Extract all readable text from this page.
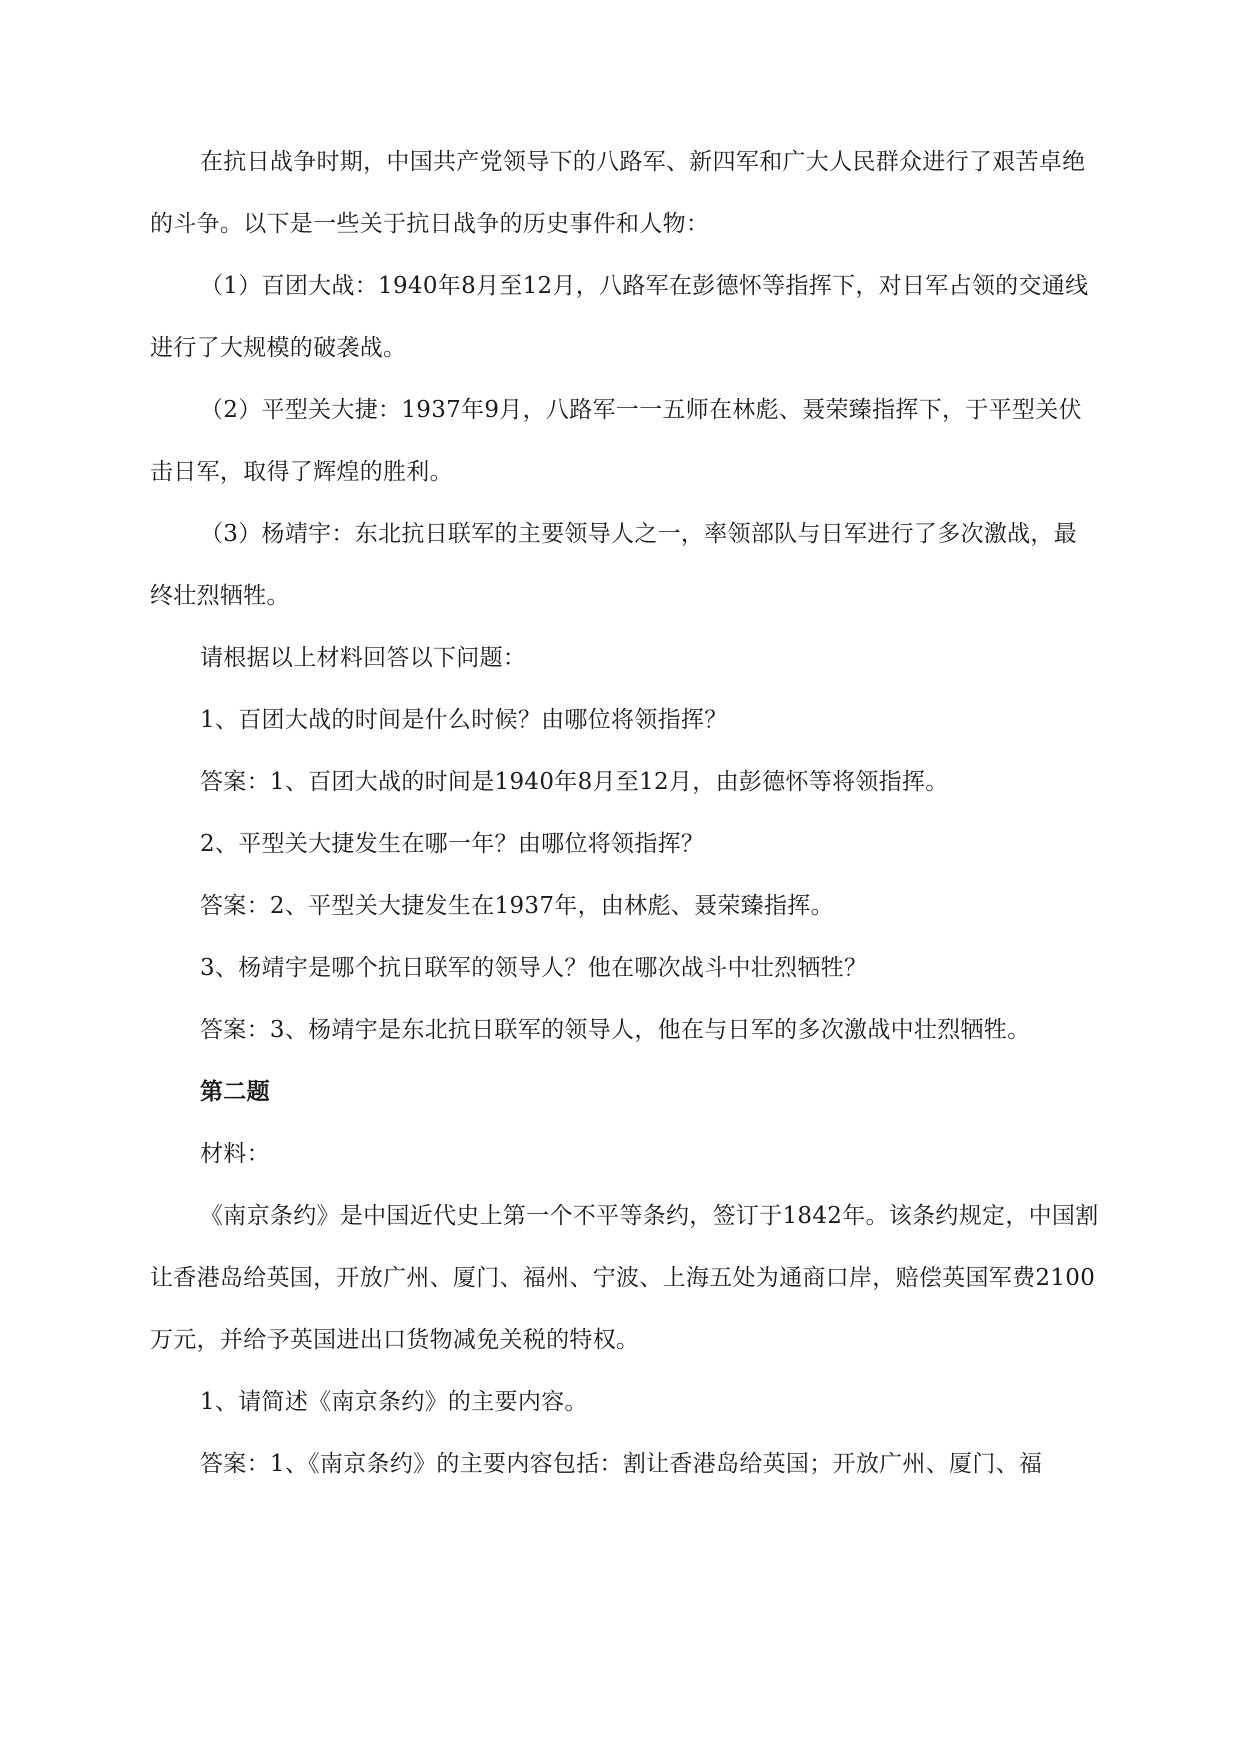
在抗日战争时期，中国共产党领导下的八路军、新四军和广大人民群众进行了艰苦卓绝的斗争。以下是一些关于抗日战争的历史事件和人物：

（1）百团大战：1940年8月至12月，八路军在彭德怀等指挥下，对日军占领的交通线进行了大规模的破袭战。

（2）平型关大捷：1937年9月，八路军一一五师在林彪、聂荣臻指挥下，于平型关伏击日军，取得了辉煌的胜利。

（3）杨靖宇：东北抗日联军的主要领导人之一，率领部队与日军进行了多次激战，最终壮烈牺牲。

请根据以上材料回答以下问题：

1、百团大战的时间是什么时候？由哪位将领指挥？

答案：1、百团大战的时间是1940年8月至12月，由彭德怀等将领指挥。

2、平型关大捷发生在哪一年？由哪位将领指挥？

答案：2、平型关大捷发生在1937年，由林彪、聂荣臻指挥。

3、杨靖宇是哪个抗日联军的领导人？他在哪次战斗中壮烈牺牲？

答案：3、杨靖宇是东北抗日联军的领导人，他在与日军的多次激战中壮烈牺牲。

第二题

材料：

《南京条约》是中国近代史上第一个不平等条约，签订于1842年。该条约规定，中国割让香港岛给英国，开放广州、厦门、福州、宁波、上海五处为通商口岸，赔偿英国军费2100万元，并给予英国进出口货物减免关税的特权。

1、请简述《南京条约》的主要内容。

答案：1、《南京条约》的主要内容包括：割让香港岛给英国；开放广州、厦门、福
